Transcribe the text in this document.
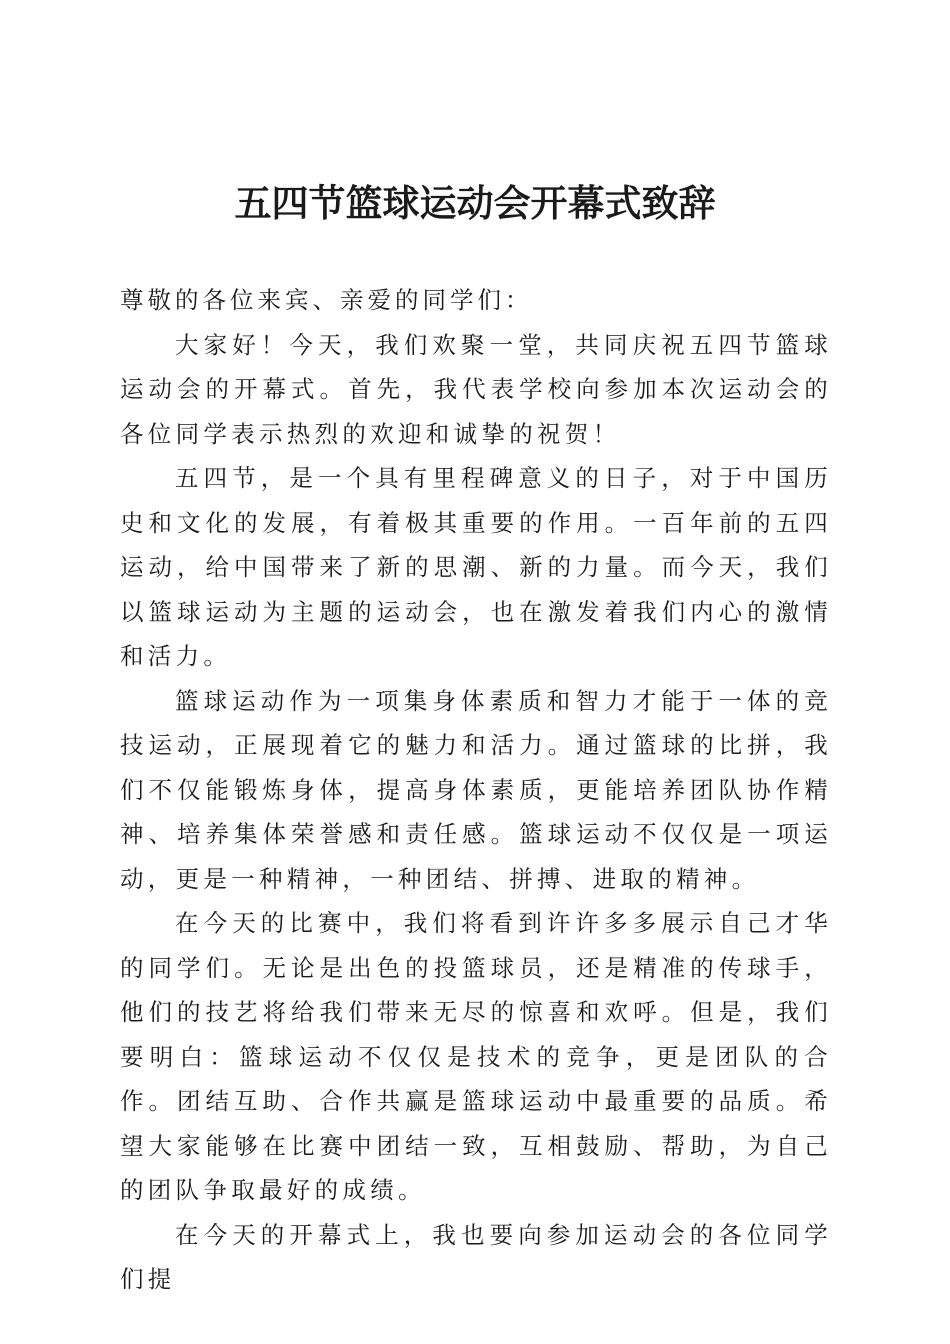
五四节篮球运动会开幕式致辞

尊敬的各位来宾、亲爱的同学们：

大家好！今天，我们欢聚一堂，共同庆祝五四节篮球运动会的开幕式。首先，我代表学校向参加本次运动会的各位同学表示热烈的欢迎和诚挚的祝贺！

五四节，是一个具有里程碑意义的日子，对于中国历史和文化的发展，有着极其重要的作用。一百年前的五四运动，给中国带来了新的思潮、新的力量。而今天，我们以篮球运动为主题的运动会，也在激发着我们内心的激情和活力。

篮球运动作为一项集身体素质和智力才能于一体的竞技运动，正展现着它的魅力和活力。通过篮球的比拼，我们不仅能锻炼身体，提高身体素质，更能培养团队协作精神、培养集体荣誉感和责任感。篮球运动不仅仅是一项运动，更是一种精神，一种团结、拼搏、进取的精神。

在今天的比赛中，我们将看到许许多多展示自己才华的同学们。无论是出色的投篮球员，还是精准的传球手，他们的技艺将给我们带来无尽的惊喜和欢呼。但是，我们要明白：篮球运动不仅仅是技术的竞争，更是团队的合作。团结互助、合作共赢是篮球运动中最重要的品质。希望大家能够在比赛中团结一致，互相鼓励、帮助，为自己的团队争取最好的成绩。

在今天的开幕式上，我也要向参加运动会的各位同学们提
